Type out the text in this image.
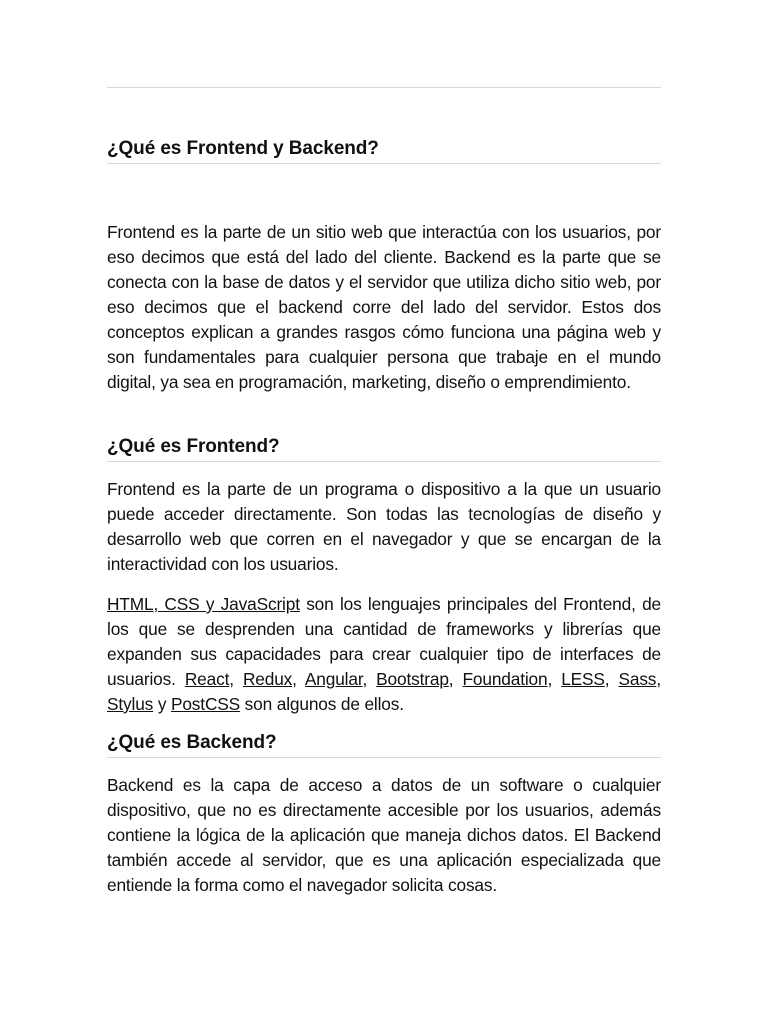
¿Qué es Frontend y Backend?

Frontend es la parte de un sitio web que interactúa con los usuarios, por eso decimos que está del lado del cliente. Backend es la parte que se conecta con la base de datos y el servidor que utiliza dicho sitio web, por eso decimos que el backend corre del lado del servidor. Estos dos conceptos explican a grandes rasgos cómo funciona una página web y son fundamentales para cualquier persona que trabaje en el mundo digital, ya sea en programación, marketing, diseño o emprendimiento.

¿Qué es Frontend?

Frontend es la parte de un programa o dispositivo a la que un usuario puede acceder directamente. Son todas las tecnologías de diseño y desarrollo web que corren en el navegador y que se encargan de la interactividad con los usuarios.

HTML, CSS y JavaScript son los lenguajes principales del Frontend, de los que se desprenden una cantidad de frameworks y librerías que expanden sus capacidades para crear cualquier tipo de interfaces de usuarios. React, Redux, Angular, Bootstrap, Foundation, LESS, Sass, Stylus y PostCSS son algunos de ellos.

¿Qué es Backend?

Backend es la capa de acceso a datos de un software o cualquier dispositivo, que no es directamente accesible por los usuarios, además contiene la lógica de la aplicación que maneja dichos datos. El Backend también accede al servidor, que es una aplicación especializada que entiende la forma como el navegador solicita cosas.
